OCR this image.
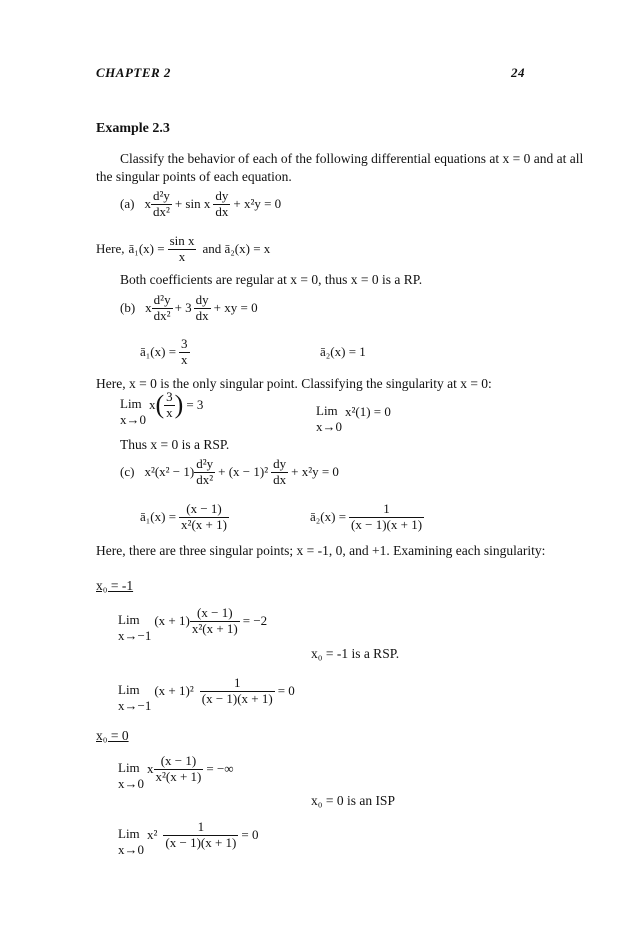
CHAPTER 2	24
Example 2.3
Classify the behavior of each of the following differential equations at x = 0 and at all
the singular points of each equation.
(a) x $\frac{\text{d²y}}{\text{dx²}} + \sin x \frac{dy}{dx} + x^2y = 0$
Here, ā₁(x) = $\frac{\text{sin x}}{x}$ and ā₂(x) = x
Both coefficients are regular at x = 0, thus x = 0 is a RP.
(b) x $\frac{\text{d²y}}{\text{dx²}} + 3 \frac{dy}{dx}$ + xy = 0
ā₁(x) = $\frac{3}{x}$	ā₂(x) = 1
Here, x = 0 is the only singular point. Classifying the singularity at x = 0:
Lim
x→0
x ( $\frac{3}{x}$ ) = 3	Lim
x→0
x²(1) = 0
Thus x = 0 is a RSP.
(c) $x^2(x^2 - 1) \frac{\text{d²y}}{\text{dx²}} + (x - 1)^2 \frac{dy}{dx} + x^2y = 0$
ā₁(x) = $\frac{(x - 1)}{\text{x²(x + 1)}}$	ā₂(x) = $\frac{1}{(x - 1)(x + 1)}$
Here, there are three singular points; x = -1, 0, and +1. Examining each singularity:
x₀ = -1
Lim
x→−1
$(x + 1) \frac{(x - 1)}{\text{x²(x + 1)}} = -2$
x₀ = -1 is a RSP.
Lim
x→−1
$(x + 1)^2 \frac{1}{(x - 1)(x + 1)} = 0$
x₀ = 0
Lim
x→0
x $\frac{(x - 1)}{\text{x²(x + 1)}}$ = −∞
x₀ = 0 is an ISP
Lim
x→0
$x^2 \frac{1}{(x - 1)(x + 1)} = 0$
